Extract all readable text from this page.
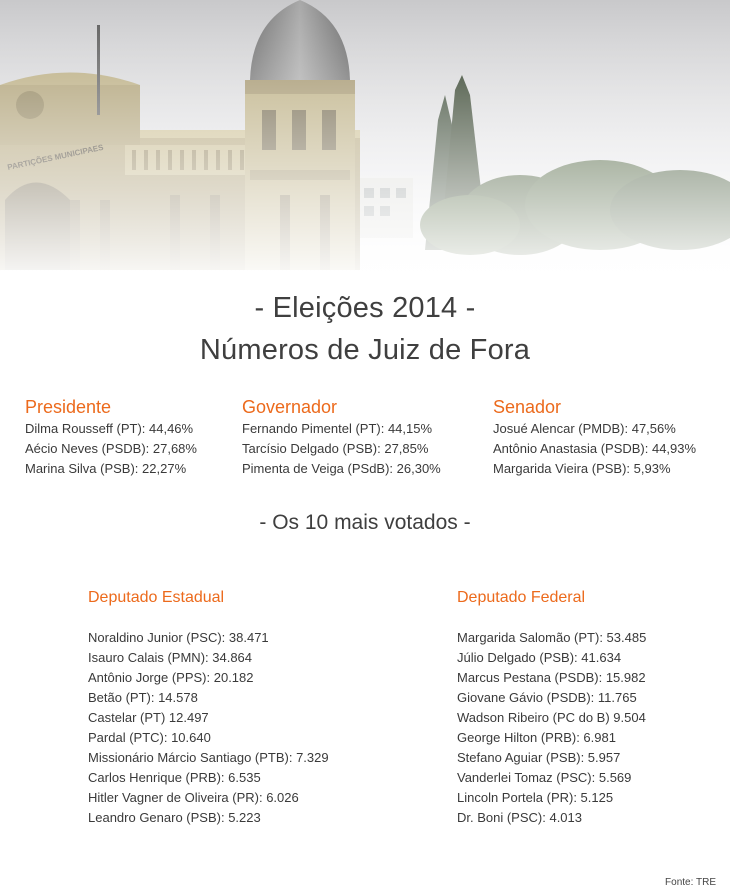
- Eleições 2014 -
Números de Juiz de Fora
Presidente
Dilma Rousseff (PT): 44,46%
Aécio Neves (PSDB): 27,68%
Marina Silva (PSB): 22,27%
Governador
Fernando Pimentel (PT): 44,15%
Tarcísio Delgado (PSB): 27,85%
Pimenta de Veiga (PSdB): 26,30%
Senador
Josué Alencar (PMDB): 47,56%
Antônio Anastasia (PSDB): 44,93%
Margarida Vieira (PSB): 5,93%
- Os 10 mais votados -
Deputado Estadual
Noraldino Junior (PSC): 38.471
Isauro Calais (PMN): 34.864
Antônio Jorge (PPS): 20.182
Betão (PT): 14.578
Castelar (PT) 12.497
Pardal (PTC): 10.640
Missionário Márcio Santiago (PTB): 7.329
Carlos Henrique (PRB): 6.535
Hitler Vagner de Oliveira (PR): 6.026
Leandro Genaro (PSB): 5.223
Deputado Federal
Margarida Salomão (PT): 53.485
Júlio Delgado (PSB): 41.634
Marcus Pestana (PSDB): 15.982
Giovane Gávio (PSDB): 11.765
Wadson Ribeiro (PC do B) 9.504
George Hilton (PRB): 6.981
Stefano Aguiar (PSB): 5.957
Vanderlei Tomaz (PSC): 5.569
Lincoln Portela (PR): 5.125
Dr. Boni (PSC): 4.013
Fonte: TRE
